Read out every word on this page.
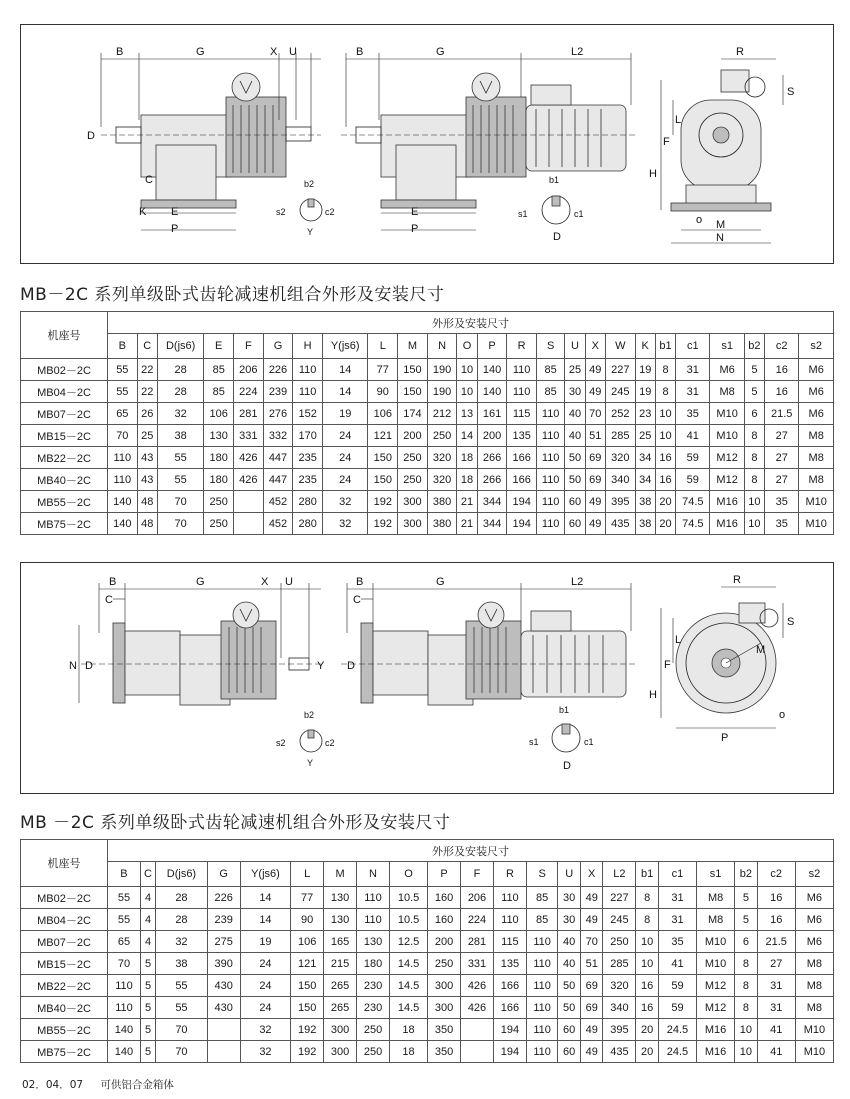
B	G	X U
D
C
K E
P
b2
s2	c2
Y
B	G	L2
E
P
b1
s1	c1
D
R
S
L
F
H
o M
N
MB－2C 系列单级卧式齿轮减速机组合外形及安装尺寸
机座号	外形及安装尺寸																								
	B	C	D(js6)	E	F	G	H	Y(js6)	L	M	N	O	P	R	S	U	X	W	K	b1	c1	s1	b2	c2	s2
MB02－2C	55	22	28	85	206	226	110	14	77	150	190	10	140	110	85	25	49	227	19	8	31	M6	5	16	M6
MB04－2C	55	22	28	85	224	239	110	14	90	150	190	10	140	110	85	30	49	245	19	8	31	M8	5	16	M6
MB07－2C	65	26	32	106	281	276	152	19	106	174	212	13	161	115	110	40	70	252	23	10	35	M10	6	21.5	M6
MB15－2C	70	25	38	130	331	332	170	24	121	200	250	14	200	135	110	40	51	285	25	10	41	M10	8	27	M8
MB22－2C	110	43	55	180	426	447	235	24	150	250	320	18	266	166	110	50	69	320	34	16	59	M12	8	27	M8
MB40－2C	110	43	55	180	426	447	235	24	150	250	320	18	266	166	110	50	69	340	34	16	59	M12	8	27	M8
MB55－2C	140	48	70	250		452	280	32	192	300	380	21	344	194	110	60	49	395	38	20	74.5	M16	10	35	M10
MB75－2C	140	48	70	250		452	280	32	192	300	380	21	344	194	110	60	49	435	38	20	74.5	M16	10	35	M10
B
C
G	X U
N D	Y
b2
s2	c2
Y
B
C
G	L2
D
b1
s1	c1
D
R
S
L
F
H
M
o
P
MB －2C 系列单级卧式齿轮减速机组合外形及安装尺寸
机座号	外形及安装尺寸																					
	B	C	D(js6)	G	Y(js6)	L	M	N	O	P	F	R	S	U	X	L2	b1	c1	s1	b2	c2	s2
MB02－2C	55	4	28	226	14	77	130	110	10.5	160	206	110	85	30	49	227	8	31	M8	5	16	M6
MB04－2C	55	4	28	239	14	90	130	110	10.5	160	224	110	85	30	49	245	8	31	M8	5	16	M6
MB07－2C	65	4	32	275	19	106	165	130	12.5	200	281	115	110	40	70	250	10	35	M10	6	21.5	M6
MB15－2C	70	5	38	390	24	121	215	180	14.5	250	331	135	110	40	51	285	10	41	M10	8	27	M8
MB22－2C	110	5	55	430	24	150	265	230	14.5	300	426	166	110	50	69	320	16	59	M12	8	31	M8
MB40－2C	110	5	55	430	24	150	265	230	14.5	300	426	166	110	50	69	340	16	59	M12	8	31	M8
MB55－2C	140	5	70		32	192	300	250	18	350		194	110	60	49	395	20	24.5	M16	10	41	M10
MB75－2C	140	5	70		32	192	300	250	18	350		194	110	60	49	435	20	24.5	M16	10	41	M10
02．04．07 可供铝合金箱体
